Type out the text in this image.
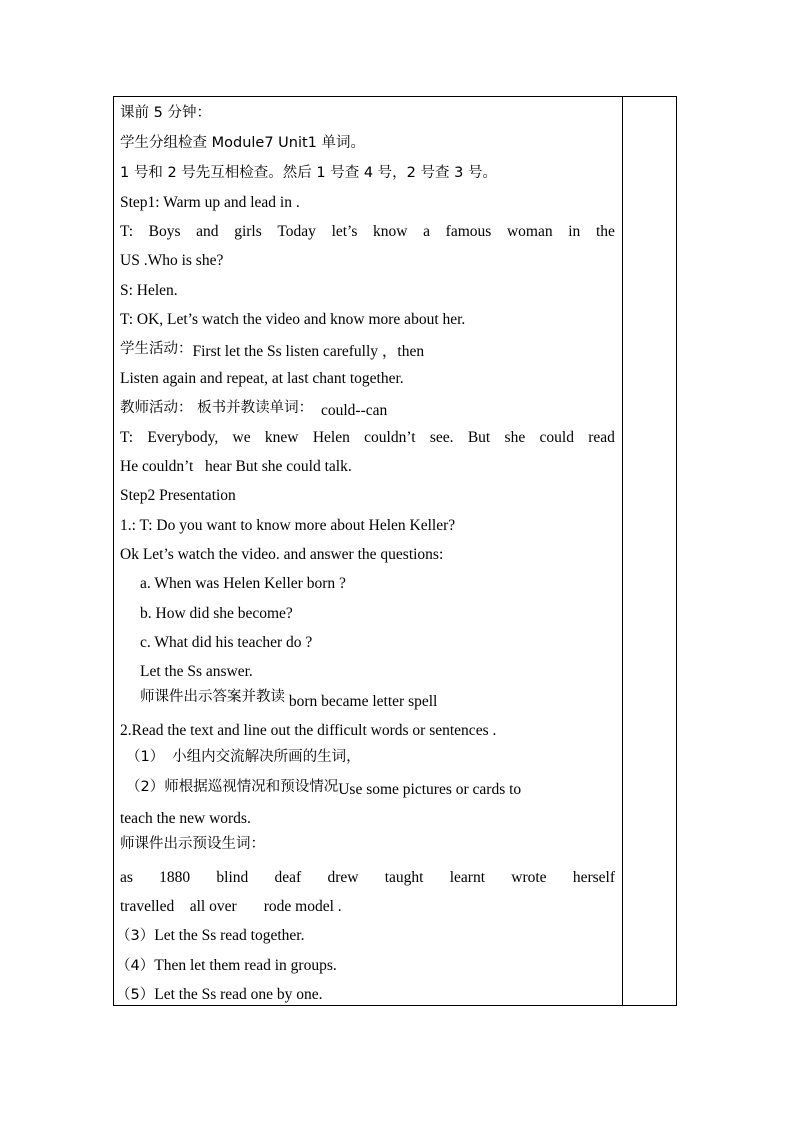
课前 5 分钟：
学生分组检查 Module7 Unit1 单词。
1 号和 2 号先互相检查。然后 1 号查 4 号，2 号查 3 号。
Step1: Warm up and lead in .
T: Boys and girls Today let’s know a famous woman in the
US .Who is she?
S: Helen.
T: OK, Let’s watch the video and know more about her.
学生活动：First let the Ss listen carefully ，then
Listen again and repeat, at last chant together.
教师活动： 板书并教读单词： could--can
T: Everybody, we knew Helen couldn’t see. But she could read
He couldn’t   hear But she could talk.
Step2 Presentation
1.: T: Do you want to know more about Helen Keller?
Ok Let’s watch the video. and answer the questions:
a. When was Helen Keller born ?
b. How did she become?
c. What did his teacher do ?
Let the Ss answer.
师课件出示答案并教读 born became letter spell
2.Read the text and line out the difficult words or sentences .
（1） 小组内交流解决所画的生词，
（2）师根据巡视情况和预设情况Use some pictures or cards to
teach the new words.
师课件出示预设生词：
as 1880 blind deaf drew taught learnt wrote herself
travelled    all over       rode model .
（3）Let the Ss read together.
（4）Then let them read in groups.
（5）Let the Ss read one by one.
